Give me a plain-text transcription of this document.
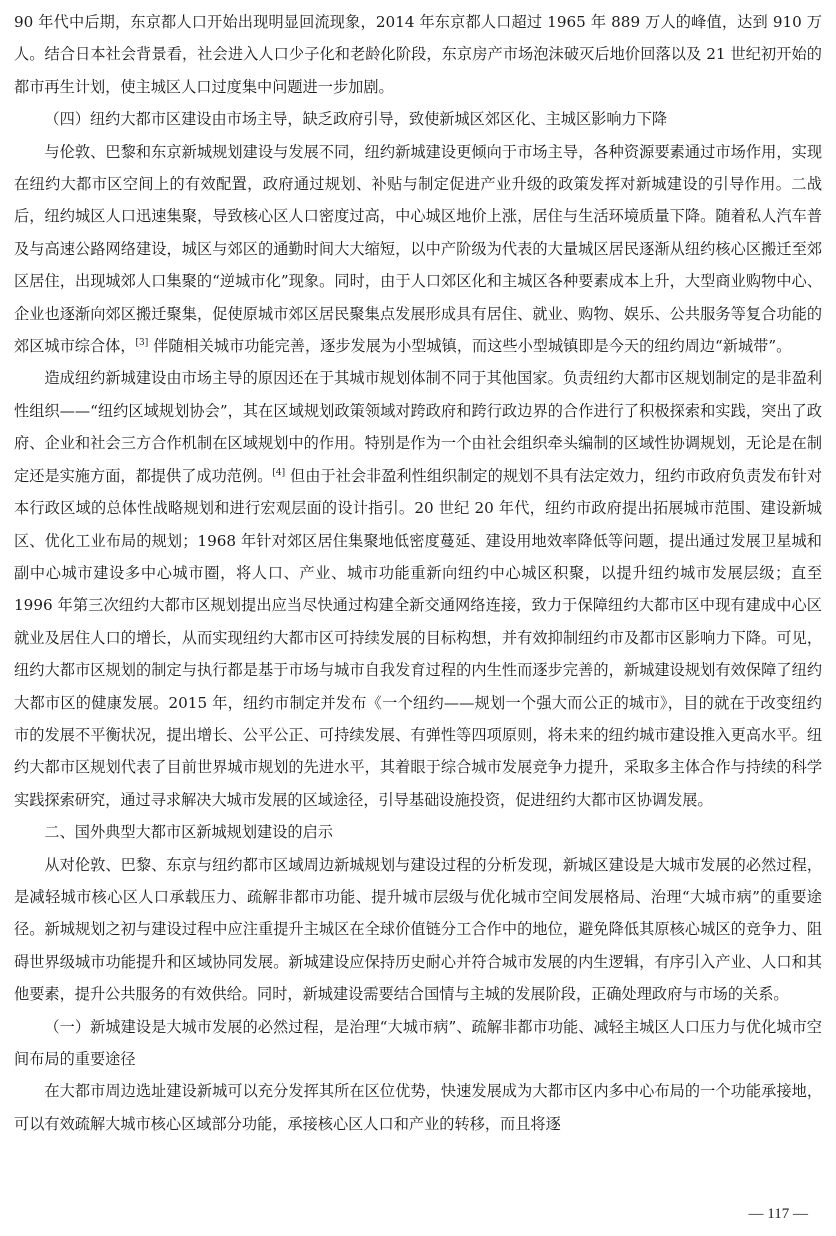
90 年代中后期，东京都人口开始出现明显回流现象，2014 年东京都人口超过 1965 年 889 万人的峰值，达到 910 万人。结合日本社会背景看，社会进入人口少子化和老龄化阶段，东京房产市场泡沫破灭后地价回落以及 21 世纪初开始的都市再生计划，使主城区人口过度集中问题进一步加剧。

（四）纽约大都市区建设由市场主导，缺乏政府引导，致使新城区郊区化、主城区影响力下降

与伦敦、巴黎和东京新城规划建设与发展不同，纽约新城建设更倾向于市场主导，各种资源要素通过市场作用，实现在纽约大都市区空间上的有效配置，政府通过规划、补贴与制定促进产业升级的政策发挥对新城建设的引导作用。二战后，纽约城区人口迅速集聚，导致核心区人口密度过高，中心城区地价上涨，居住与生活环境质量下降。随着私人汽车普及与高速公路网络建设，城区与郊区的通勤时间大大缩短，以中产阶级为代表的大量城区居民逐渐从纽约核心区搬迁至郊区居住，出现城郊人口集聚的“逆城市化”现象。同时，由于人口郊区化和主城区各种要素成本上升，大型商业购物中心、企业也逐渐向郊区搬迁聚集，促使原城市郊区居民聚集点发展形成具有居住、就业、购物、娱乐、公共服务等复合功能的郊区城市综合体，[3] 伴随相关城市功能完善，逐步发展为小型城镇，而这些小型城镇即是今天的纽约周边“新城带”。

造成纽约新城建设由市场主导的原因还在于其城市规划体制不同于其他国家。负责纽约大都市区规划制定的是非盈利性组织——“纽约区域规划协会”，其在区域规划政策领域对跨政府和跨行政边界的合作进行了积极探索和实践，突出了政府、企业和社会三方合作机制在区域规划中的作用。特别是作为一个由社会组织牵头编制的区域性协调规划，无论是在制定还是实施方面，都提供了成功范例。[4] 但由于社会非盈利性组织制定的规划不具有法定效力，纽约市政府负责发布针对本行政区域的总体性战略规划和进行宏观层面的设计指引。20 世纪 20 年代，纽约市政府提出拓展城市范围、建设新城区、优化工业布局的规划；1968 年针对郊区居住集聚地低密度蔓延、建设用地效率降低等问题，提出通过发展卫星城和副中心城市建设多中心城市圈，将人口、产业、城市功能重新向纽约中心城区积聚，以提升纽约城市发展层级；直至 1996 年第三次纽约大都市区规划提出应当尽快通过构建全新交通网络连接，致力于保障纽约大都市区中现有建成中心区就业及居住人口的增长，从而实现纽约大都市区可持续发展的目标构想，并有效抑制纽约市及都市区影响力下降。可见，纽约大都市区规划的制定与执行都是基于市场与城市自我发育过程的内生性而逐步完善的，新城建设规划有效保障了纽约大都市区的健康发展。2015 年，纽约市制定并发布《一个纽约——规划一个强大而公正的城市》，目的就在于改变纽约市的发展不平衡状况，提出增长、公平公正、可持续发展、有弹性等四项原则，将未来的纽约城市建设推入更高水平。纽约大都市区规划代表了目前世界城市规划的先进水平，其着眼于综合城市发展竞争力提升，采取多主体合作与持续的科学实践探索研究，通过寻求解决大城市发展的区域途径，引导基础设施投资，促进纽约大都市区协调发展。

二、国外典型大都市区新城规划建设的启示

从对伦敦、巴黎、东京与纽约都市区域周边新城规划与建设过程的分析发现，新城区建设是大城市发展的必然过程，是减轻城市核心区人口承载压力、疏解非都市功能、提升城市层级与优化城市空间发展格局、治理“大城市病”的重要途径。新城规划之初与建设过程中应注重提升主城区在全球价值链分工合作中的地位，避免降低其原核心城区的竞争力、阻碍世界级城市功能提升和区域协同发展。新城建设应保持历史耐心并符合城市发展的内生逻辑，有序引入产业、人口和其他要素，提升公共服务的有效供给。同时，新城建设需要结合国情与主城的发展阶段，正确处理政府与市场的关系。

（一）新城建设是大城市发展的必然过程，是治理“大城市病”、疏解非都市功能、减轻主城区人口压力与优化城市空间布局的重要途径

在大都市周边选址建设新城可以充分发挥其所在区位优势，快速发展成为大都市区内多中心布局的一个功能承接地，可以有效疏解大城市核心区域部分功能，承接核心区人口和产业的转移，而且将逐

— 117 —
